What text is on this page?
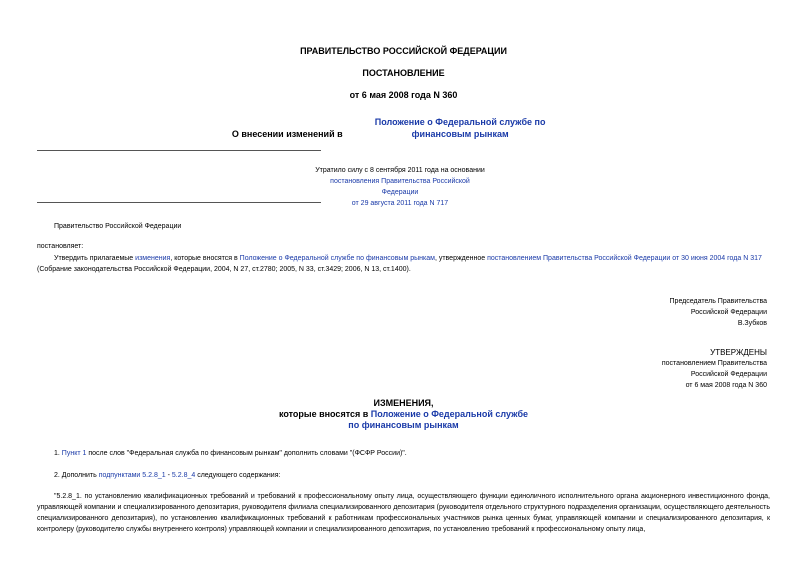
ПРАВИТЕЛЬСТВО РОССИЙСКОЙ ФЕДЕРАЦИИ
ПОСТАНОВЛЕНИЕ
от 6 мая 2008 года N 360
О внесении изменений в Положение о Федеральной службе по финансовым рынкам
Утратило силу с 8 сентября 2011 года на основании
постановления Правительства Российской Федерации
от 29 августа 2011 года N 717
Правительство Российской Федерации
постановляет:
Утвердить прилагаемые изменения, которые вносятся в Положение о Федеральной службе по финансовым рынкам, утвержденное постановлением Правительства Российской Федерации от 30 июня 2004 года N 317 (Собрание законодательства Российской Федерации, 2004, N 27, ст.2780; 2005, N 33, ст.3429; 2006, N 13, ст.1400).
Председатель Правительства
Российской Федерации
В.Зубков
УТВЕРЖДЕНЫ
постановлением Правительства
Российской Федерации
от 6 мая 2008 года N 360
ИЗМЕНЕНИЯ,
которые вносятся в Положение о Федеральной службе
по финансовым рынкам
1. Пункт 1 после слов "Федеральная служба по финансовым рынкам" дополнить словами "(ФСФР России)".
2. Дополнить подпунктами 5.2.8_1 - 5.2.8_4 следующего содержания:
"5.2.8_1. по установлению квалификационных требований и требований к профессиональному опыту лица, осуществляющего функции единоличного исполнительного органа акционерного инвестиционного фонда, управляющей компании и специализированного депозитария, руководителя филиала специализированного депозитария (руководителя отдельного структурного подразделения организации, осуществляющего деятельность специализированного депозитария), по установлению квалификационных требований к работникам профессиональных участников рынка ценных бумаг, управляющей компании и специализированного депозитария, к контролеру (руководителю службы внутреннего контроля) управляющей компании и специализированного депозитария, по установлению требований к профессиональному опыту лица,
